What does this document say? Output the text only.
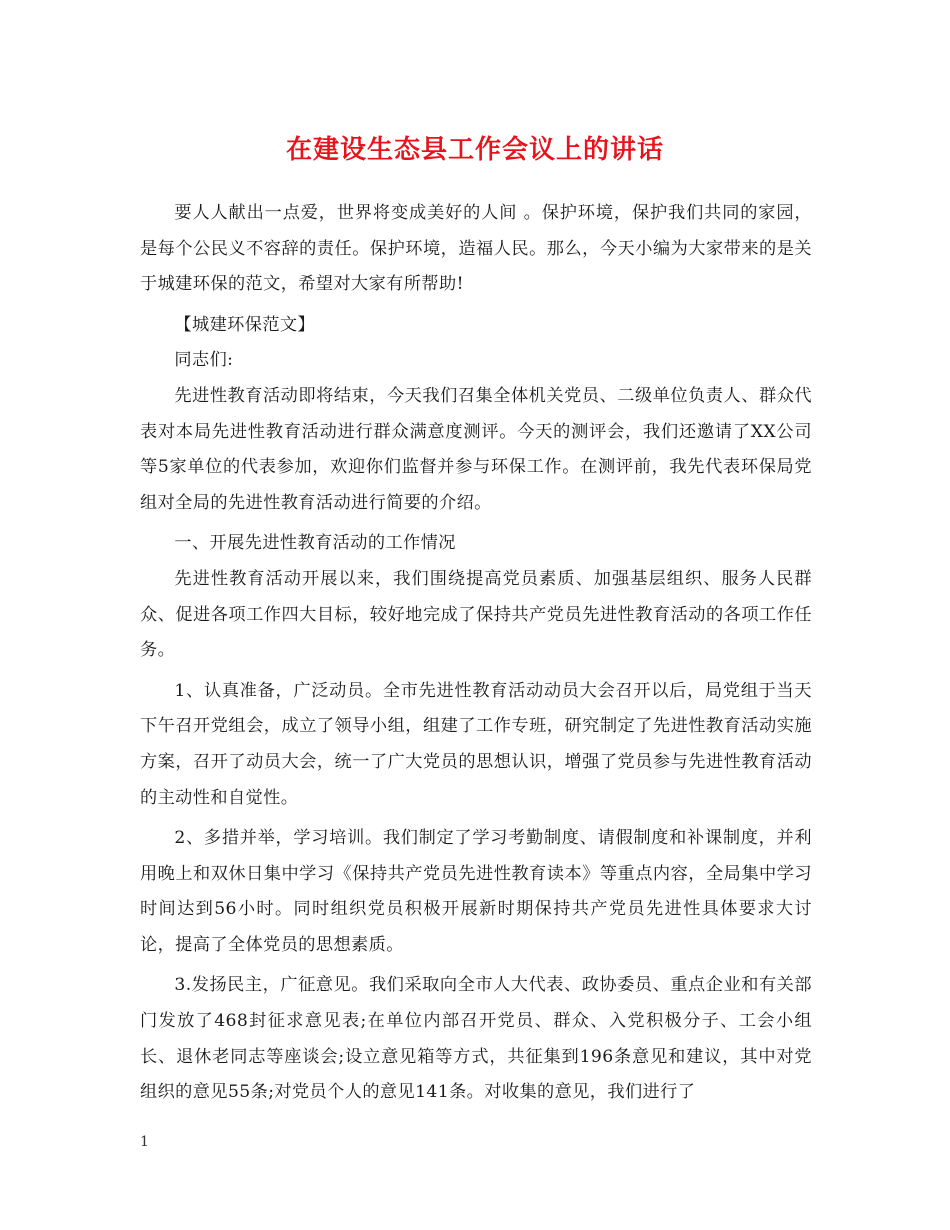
在建设生态县工作会议上的讲话

要人人献出一点爱，世界将变成美好的人间 。保护环境，保护我们共同的家园，是每个公民义不容辞的责任。保护环境，造福人民。那么，今天小编为大家带来的是关于城建环保的范文，希望对大家有所帮助!

【城建环保范文】

同志们:

先进性教育活动即将结束，今天我们召集全体机关党员、二级单位负责人、群众代表对本局先进性教育活动进行群众满意度测评。今天的测评会，我们还邀请了XX公司等5家单位的代表参加，欢迎你们监督并参与环保工作。在测评前，我先代表环保局党组对全局的先进性教育活动进行简要的介绍。

一、开展先进性教育活动的工作情况

先进性教育活动开展以来，我们围绕提高党员素质、加强基层组织、服务人民群众、促进各项工作四大目标，较好地完成了保持共产党员先进性教育活动的各项工作任务。

1、认真准备，广泛动员。全市先进性教育活动动员大会召开以后，局党组于当天下午召开党组会，成立了领导小组，组建了工作专班，研究制定了先进性教育活动实施方案，召开了动员大会，统一了广大党员的思想认识，增强了党员参与先进性教育活动的主动性和自觉性。

2、多措并举，学习培训。我们制定了学习考勤制度、请假制度和补课制度，并利用晚上和双休日集中学习《保持共产党员先进性教育读本》等重点内容，全局集中学习时间达到56小时。同时组织党员积极开展新时期保持共产党员先进性具体要求大讨论，提高了全体党员的思想素质。

3.发扬民主，广征意见。我们采取向全市人大代表、政协委员、重点企业和有关部门发放了468封征求意见表;在单位内部召开党员、群众、入党积极分子、工会小组长、退休老同志等座谈会;设立意见箱等方式，共征集到196条意见和建议，其中对党组织的意见55条;对党员个人的意见141条。对收集的意见，我们进行了

1
